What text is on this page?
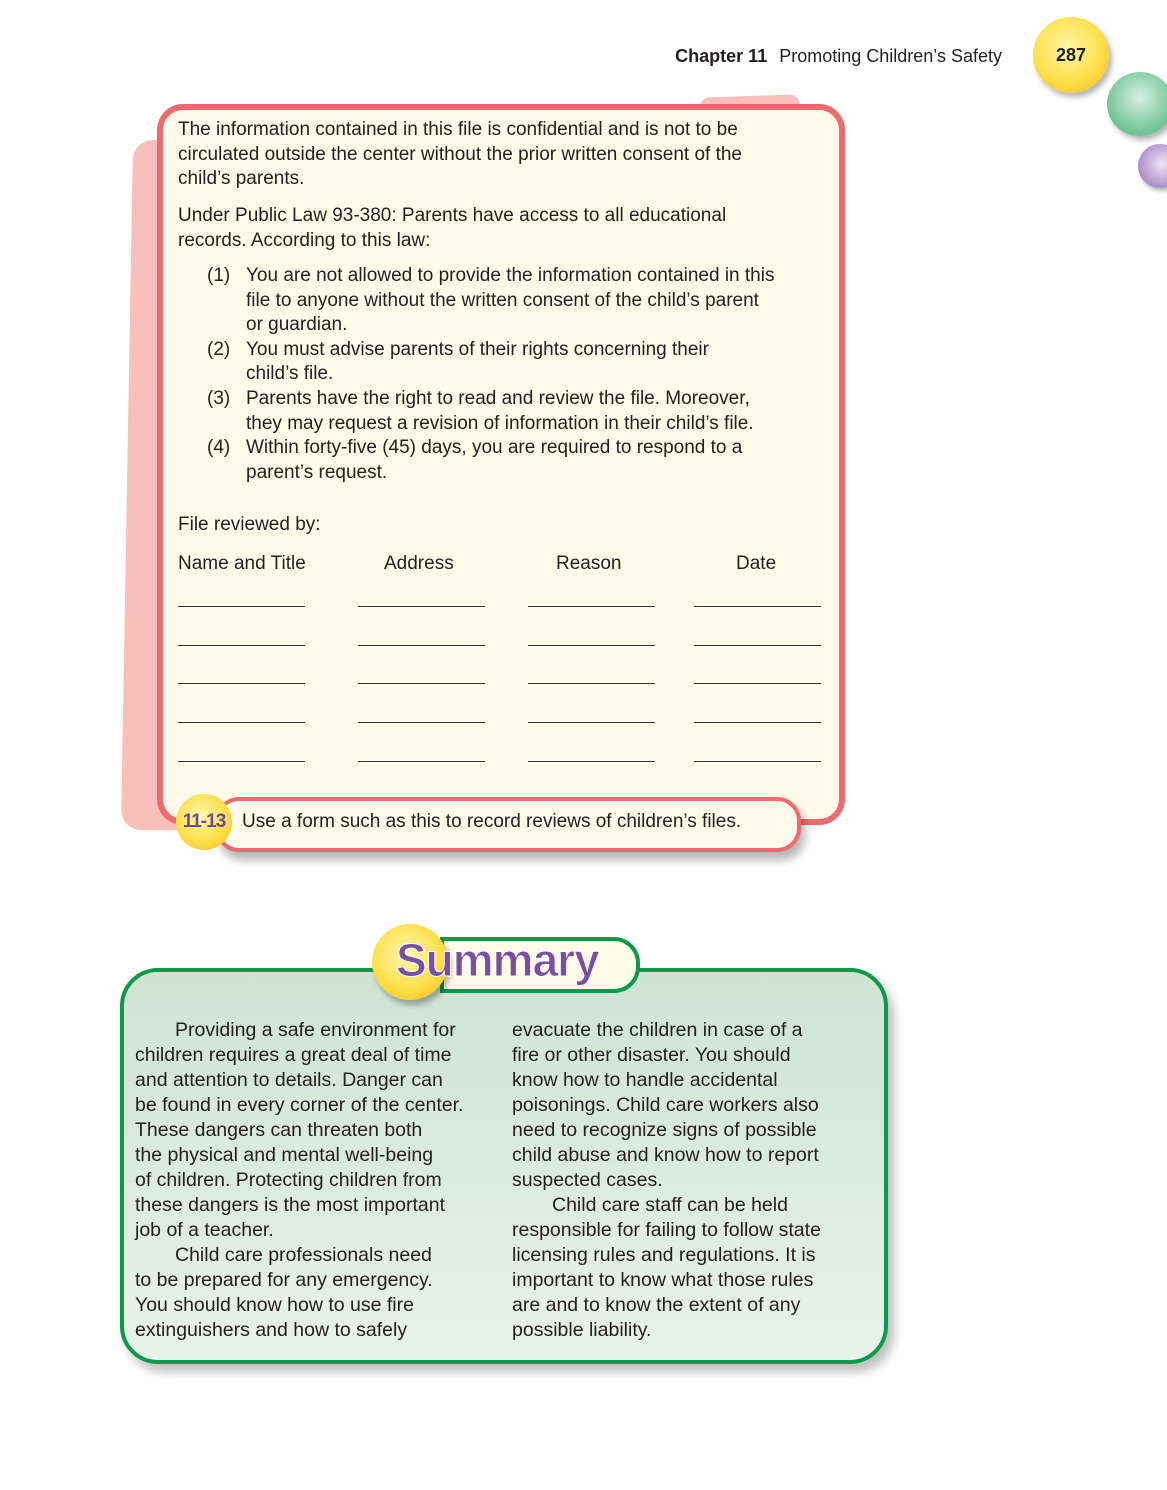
Chapter 11 Promoting Children’s Safety	287
The information contained in this file is confidential and is not to be
circulated outside the center without the prior written consent of the
child’s parents.
Under Public Law 93-380: Parents have access to all educational
records. According to this law:
(1) You are not allowed to provide the information contained in this
file to anyone without the written consent of the child’s parent
or guardian.
(2) You must advise parents of their rights concerning their
child’s file.
(3) Parents have the right to read and review the file. Moreover,
they may request a revision of information in their child’s file.
(4) Within forty-five (45) days, you are required to respond to a
parent’s request.
File reviewed by:
Name and Title	Address	Reason	Date
Use a form such as this to record reviews of children’s files.
11-13
Summary
Providing a safe environment for
children requires a great deal of time
and attention to details. Danger can
be found in every corner of the center.
These dangers can threaten both
the physical and mental well-being
of children. Protecting children from
these dangers is the most important
job of a teacher.
Child care professionals need
to be prepared for any emergency.
You should know how to use fire
extinguishers and how to safely
evacuate the children in case of a
fire or other disaster. You should
know how to handle accidental
poisonings. Child care workers also
need to recognize signs of possible
child abuse and know how to report
suspected cases.
Child care staff can be held
responsible for failing to follow state
licensing rules and regulations. It is
important to know what those rules
are and to know the extent of any
possible liability.
